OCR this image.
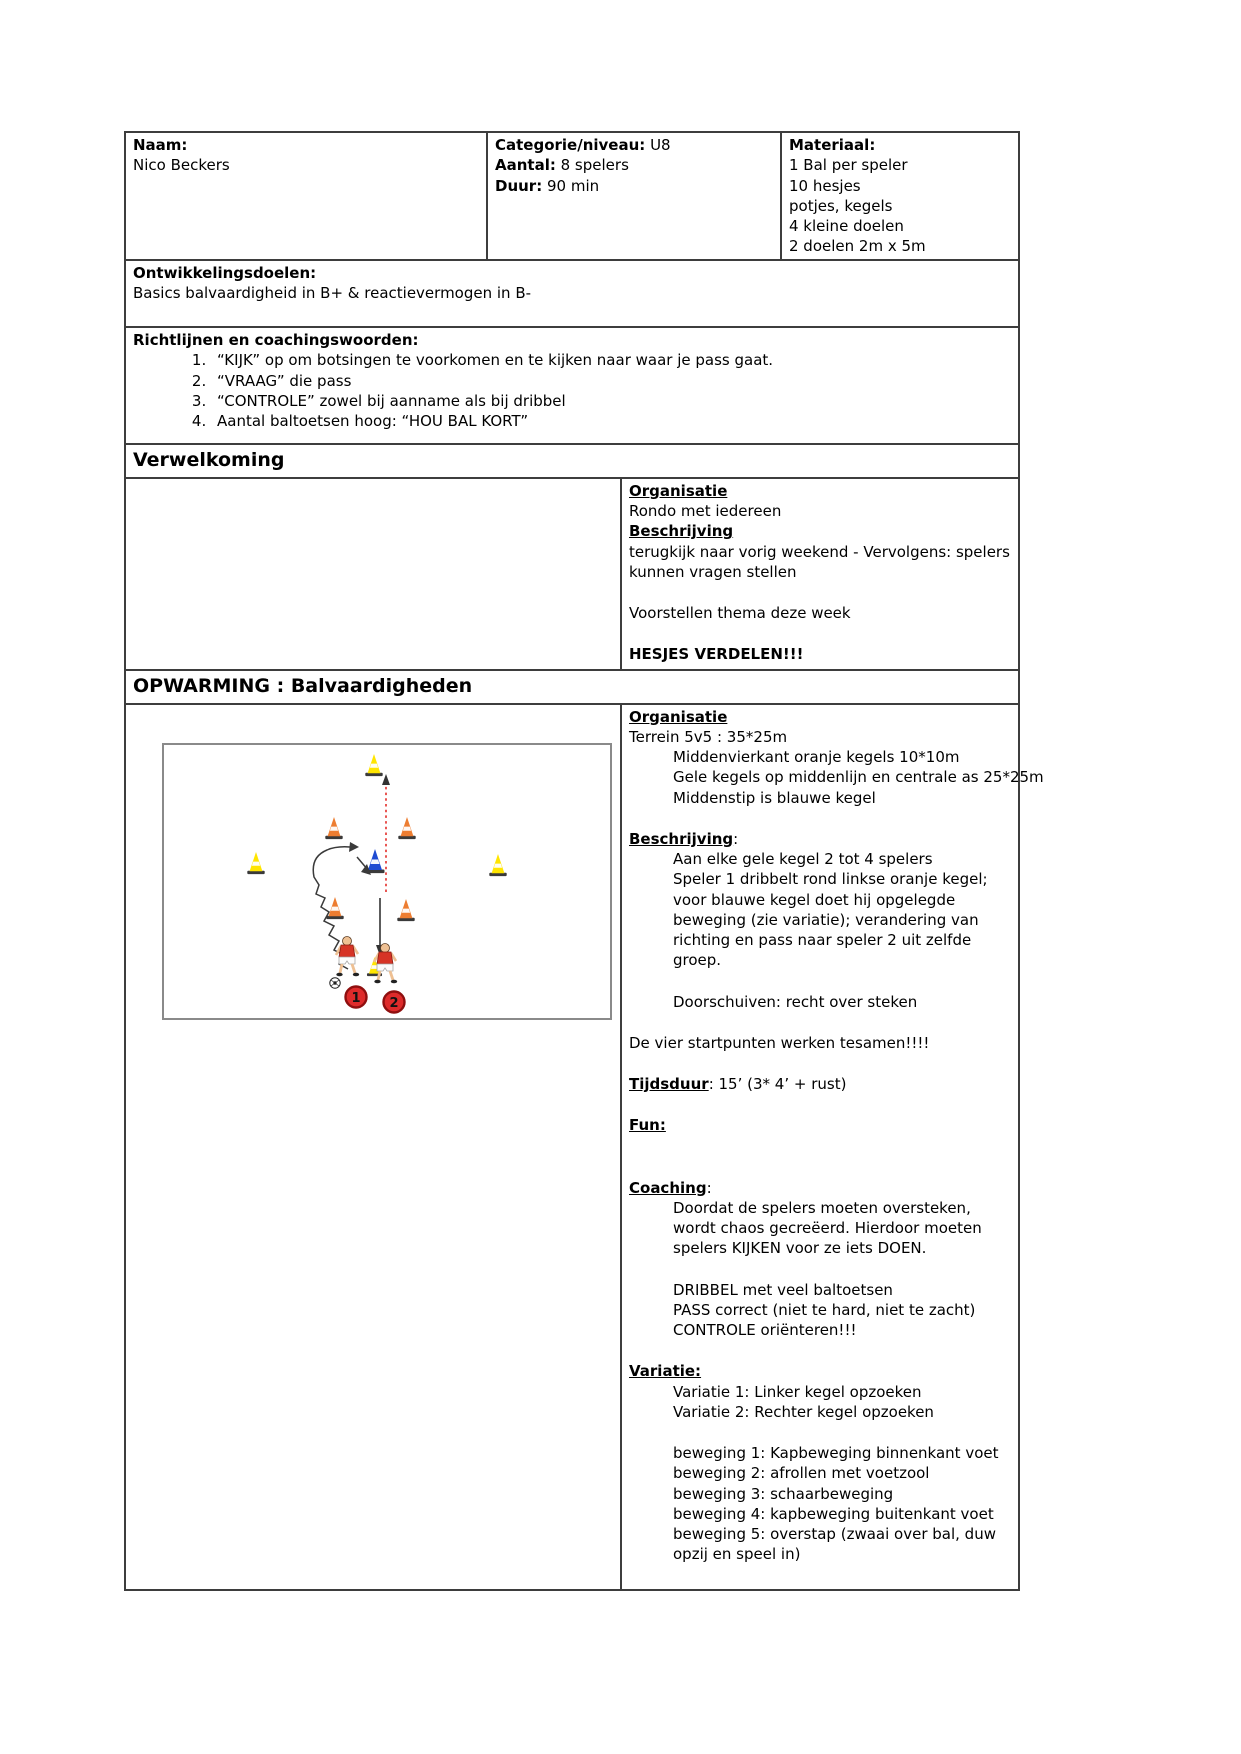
Naam:
Nico Beckers

Categorie/niveau: U8
Aantal: 8 spelers
Duur: 90 min

Materiaal:
1 Bal per speler
10 hesjes
potjes, kegels
4 kleine doelen
2 doelen 2m x 5m

Ontwikkelingsdoelen:
Basics balvaardigheid in B+ & reactievermogen in B-

Richtlijnen en coachingswoorden:
1. “KIJK” op om botsingen te voorkomen en te kijken naar waar je pass gaat.
2. “VRAAG” die pass
3. “CONTROLE” zowel bij aanname als bij dribbel
4. Aantal baltoetsen hoog: “HOU BAL KORT”
Verwelkoming	

Organisatie
Rondo met iedereen
Beschrijving
terugkijk naar vorig weekend - Vervolgens: spelers kunnen vragen stellen
Voorstellen thema deze week
HESJES VERDELEN!!!

OPWARMING : Balvaardigheden	

1 2

Organisatie
Terrein 5v5 : 35*25m
Middenvierkant oranje kegels 10*10m
Gele kegels op middenlijn en centrale as 25*25m
Middenstip is blauwe kegel
Beschrijving:
Aan elke gele kegel 2 tot 4 spelers
Speler 1 dribbelt rond linkse oranje kegel; voor blauwe kegel doet hij opgelegde beweging (zie variatie); verandering van richting en pass naar speler 2 uit zelfde groep.
Doorschuiven: recht over steken
De vier startpunten werken tesamen!!!!
Tijdsduur: 15’ (3* 4’ + rust)
Fun:
Coaching:
Doordat de spelers moeten oversteken, wordt chaos gecreëerd. Hierdoor moeten spelers KIJKEN voor ze iets DOEN.
DRIBBEL met veel baltoetsen
PASS correct (niet te hard, niet te zacht)
CONTROLE oriënteren!!!
Variatie:
Variatie 1: Linker kegel opzoeken
Variatie 2: Rechter kegel opzoeken
beweging 1: Kapbeweging binnenkant voet
beweging 2: afrollen met voetzool
beweging 3: schaarbeweging
beweging 4: kapbeweging buitenkant voet
beweging 5: overstap (zwaai over bal, duw opzij en speel in)
